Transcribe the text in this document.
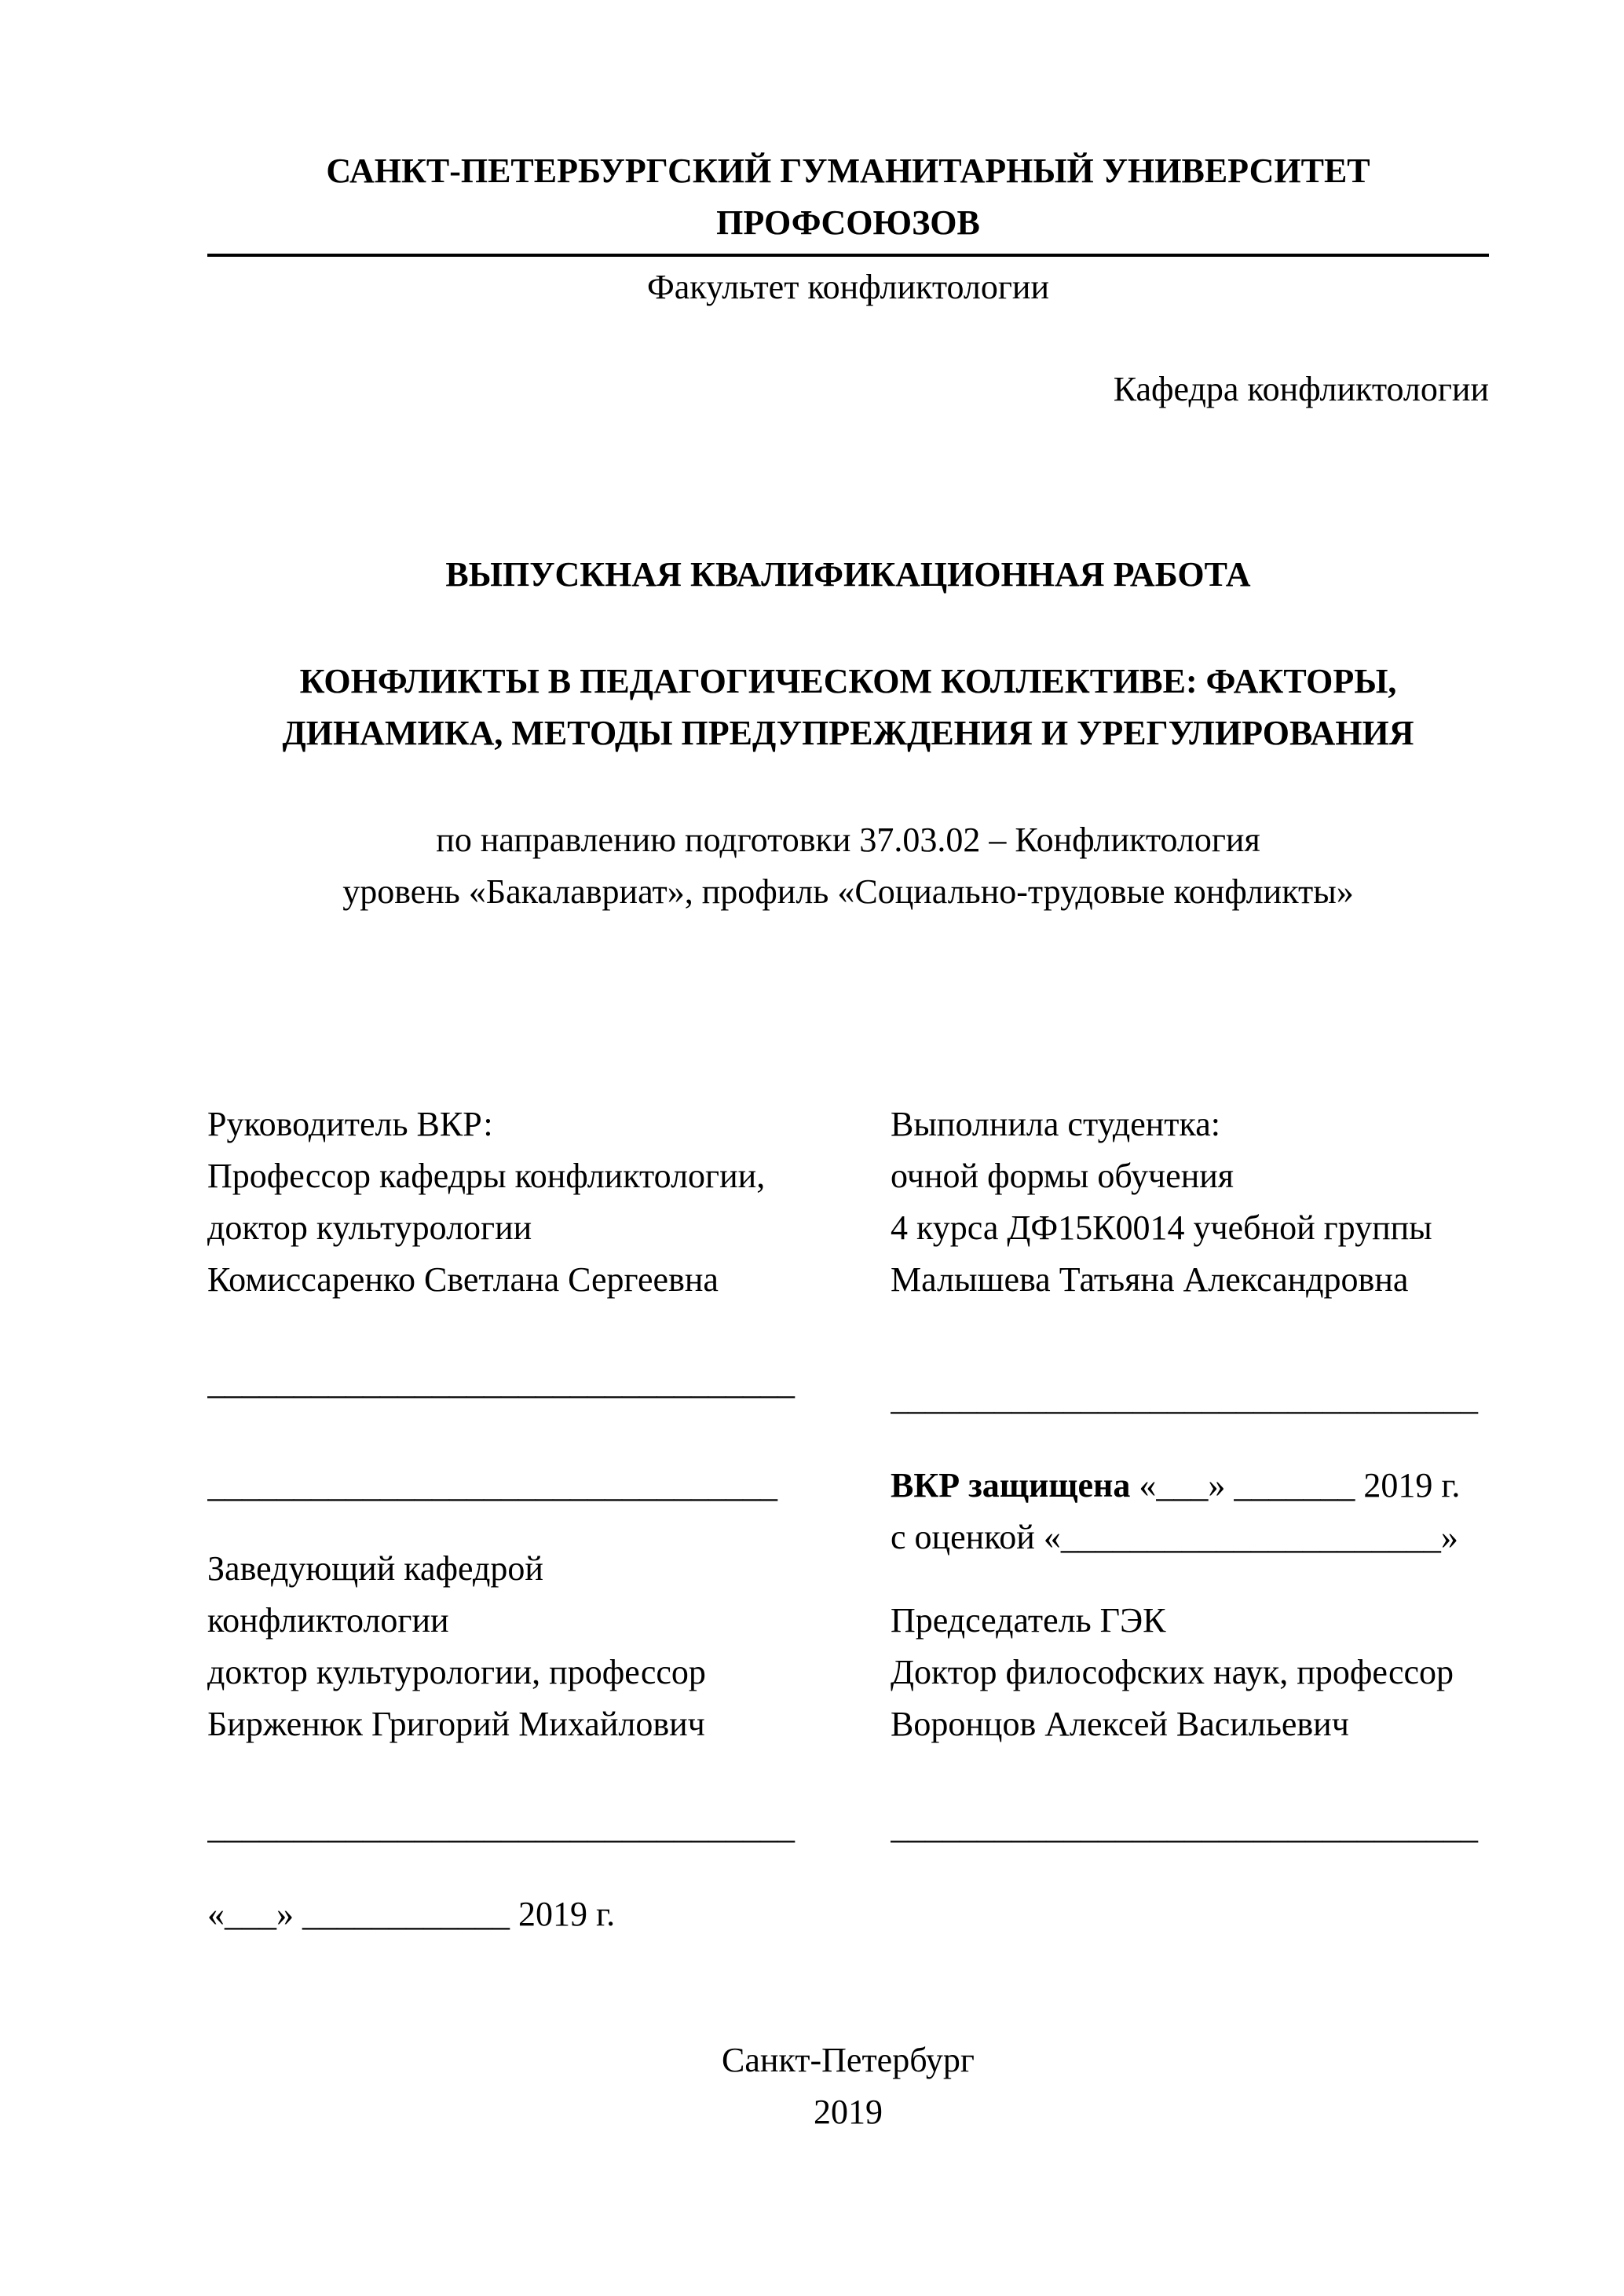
САНКТ-ПЕТЕРБУРГСКИЙ ГУМАНИТАРНЫЙ УНИВЕРСИТЕТ
ПРОФСОЮЗОВ
Факультет конфликтологии
Кафедра конфликтологии
ВЫПУСКНАЯ КВАЛИФИКАЦИОННАЯ РАБОТА
КОНФЛИКТЫ В ПЕДАГОГИЧЕСКОМ КОЛЛЕКТИВЕ: ФАКТОРЫ,
ДИНАМИКА, МЕТОДЫ ПРЕДУПРЕЖДЕНИЯ И УРЕГУЛИРОВАНИЯ
по направлению подготовки 37.03.02 – Конфликтология
уровень «Бакалавриат», профиль «Социально-трудовые конфликты»
Руководитель ВКР:
Профессор кафедры конфликтологии,
доктор культурологии
Комиссаренко Светлана Сергеевна
__________________________________
_________________________________
Заведующий кафедрой
конфликтологии
доктор культурологии, профессор
Бирженюк Григорий Михайлович
__________________________________
«___» ____________ 2019 г.
Выполнила студентка:
очной формы обучения
4 курса ДФ15К0014 учебной группы
Малышева Татьяна Александровна
__________________________________
ВКР защищена «___» _______ 2019 г.
с оценкой «______________________»
Председатель ГЭК
Доктор философских наук, профессор
Воронцов Алексей Васильевич
__________________________________
Санкт-Петербург
2019
